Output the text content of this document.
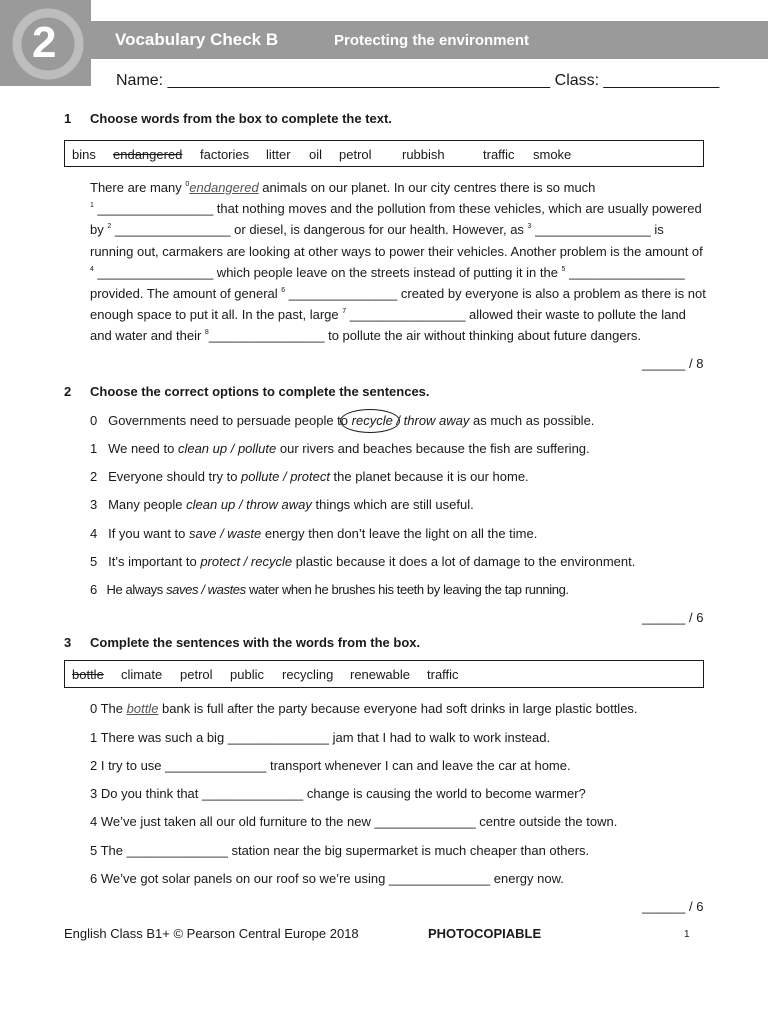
2	Vocabulary Check B	Protecting the environment
Name: ___________________________________________ Class: _____________
1 Choose words from the box to complete the text.
bins endangered factories litter oil petrol rubbish	traffic smoke
There are many $^0$endangered animals on our planet. In our city centres there is so much
$^1$ ________________ that nothing moves and the pollution from these vehicles, which are usually powered
by $^2$ ________________ or diesel, is dangerous for our health. However, as $^3$ ________________ is
running out, carmakers are looking at other ways to power their vehicles. Another problem is the amount of
$^4$ ________________ which people leave on the streets instead of putting it in the $^5$ ________________
provided. The amount of general $^6$ _______________ created by everyone is also a problem as there is not
enough space to put it all. In the past, large $^7$ ________________ allowed their waste to pollute the land
and water and their $^8$________________ to pollute the air without thinking about future dangers.
______ / 8
2 Choose the correct options to complete the sentences.
0 Governments need to persuade people to recycle / throw away as much as possible.
1 We need to clean up / pollute our rivers and beaches because the fish are suffering.
2 Everyone should try to pollute / protect the planet because it is our home.
3 Many people clean up / throw away things which are still useful.
4 If you want to save / waste energy then don’t leave the light on all the time.
5 It’s important to protect / recycle plastic because it does a lot of damage to the environment.
6 He always saves / wastes water when he brushes his teeth by leaving the tap running.
______ / 6
3 Complete the sentences with the words from the box.
bottle climate petrol public recycling renewable traffic
0 The bottle bank is full after the party because everyone had soft drinks in large plastic bottles.
1 There was such a big ______________ jam that I had to walk to work instead.
2 I try to use ______________ transport whenever I can and leave the car at home.
3 Do you think that ______________ change is causing the world to become warmer?
4 We’ve just taken all our old furniture to the new ______________ centre outside the town.
5 The ______________ station near the big supermarket is much cheaper than others.
6 We’ve got solar panels on our roof so we’re using ______________ energy now.
______ / 6
English Class B1+ © Pearson Central Europe 2018	PHOTOCOPIABLE	1
